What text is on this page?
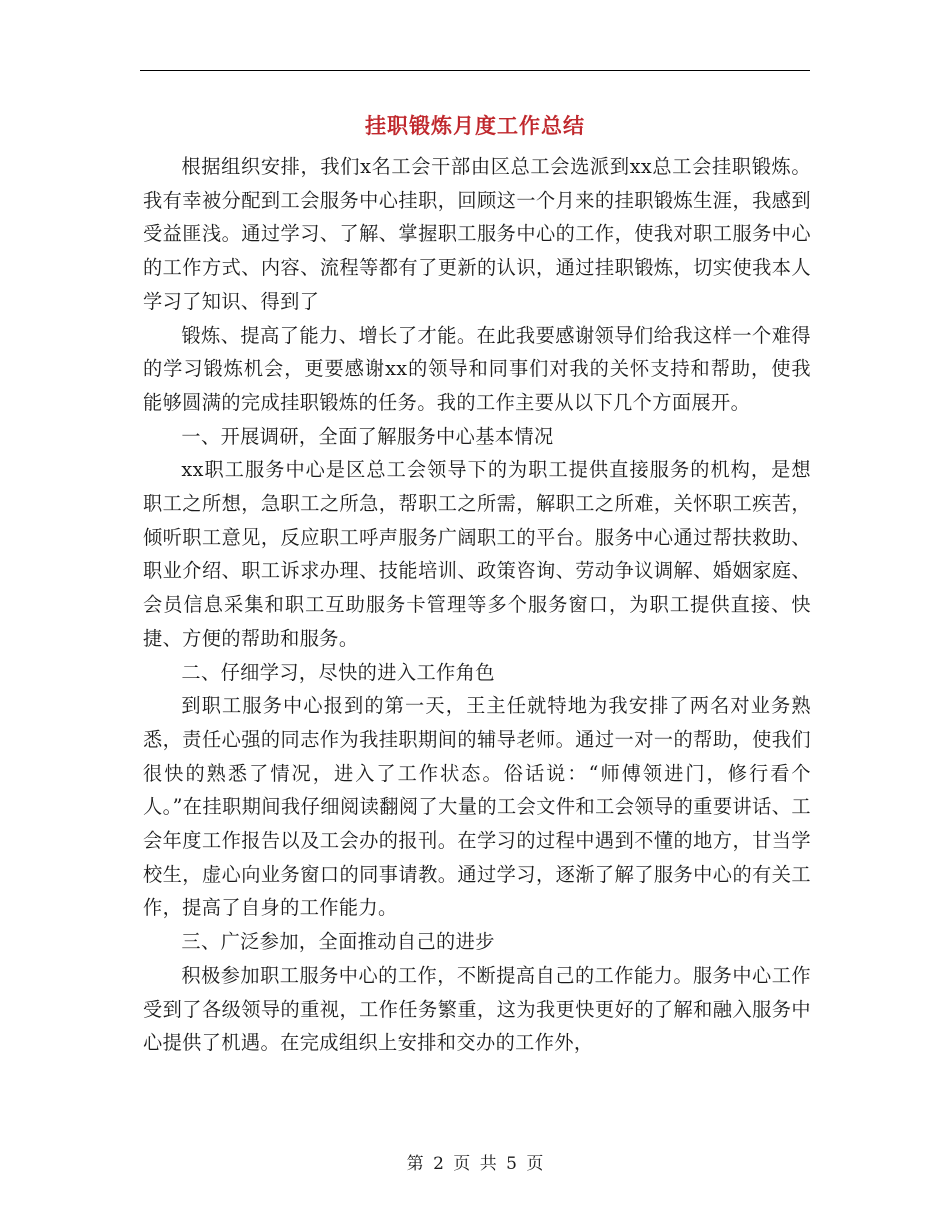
挂职锻炼月度工作总结

根据组织安排，我们x名工会干部由区总工会选派到xx总工会挂职锻炼。我有幸被分配到工会服务中心挂职，回顾这一个月来的挂职锻炼生涯，我感到受益匪浅。通过学习、了解、掌握职工服务中心的工作，使我对职工服务中心的工作方式、内容、流程等都有了更新的认识，通过挂职锻炼，切实使我本人学习了知识、得到了

锻炼、提高了能力、增长了才能。在此我要感谢领导们给我这样一个难得的学习锻炼机会，更要感谢xx的领导和同事们对我的关怀支持和帮助，使我能够圆满的完成挂职锻炼的任务。我的工作主要从以下几个方面展开。

一、开展调研，全面了解服务中心基本情况

xx职工服务中心是区总工会领导下的为职工提供直接服务的机构，是想职工之所想，急职工之所急，帮职工之所需，解职工之所难，关怀职工疾苦，倾听职工意见，反应职工呼声服务广阔职工的平台。服务中心通过帮扶救助、职业介绍、职工诉求办理、技能培训、政策咨询、劳动争议调解、婚姻家庭、会员信息采集和职工互助服务卡管理等多个服务窗口，为职工提供直接、快捷、方便的帮助和服务。

二、仔细学习，尽快的进入工作角色

到职工服务中心报到的第一天，王主任就特地为我安排了两名对业务熟悉，责任心强的同志作为我挂职期间的辅导老师。通过一对一的帮助，使我们很快的熟悉了情况，进入了工作状态。俗话说：“师傅领进门，修行看个人。”在挂职期间我仔细阅读翻阅了大量的工会文件和工会领导的重要讲话、工会年度工作报告以及工会办的报刊。在学习的过程中遇到不懂的地方，甘当学校生，虚心向业务窗口的同事请教。通过学习，逐渐了解了服务中心的有关工作，提高了自身的工作能力。

三、广泛参加，全面推动自己的进步

积极参加职工服务中心的工作，不断提高自己的工作能力。服务中心工作受到了各级领导的重视，工作任务繁重，这为我更快更好的了解和融入服务中心提供了机遇。在完成组织上安排和交办的工作外，

第 2 页 共 5 页
